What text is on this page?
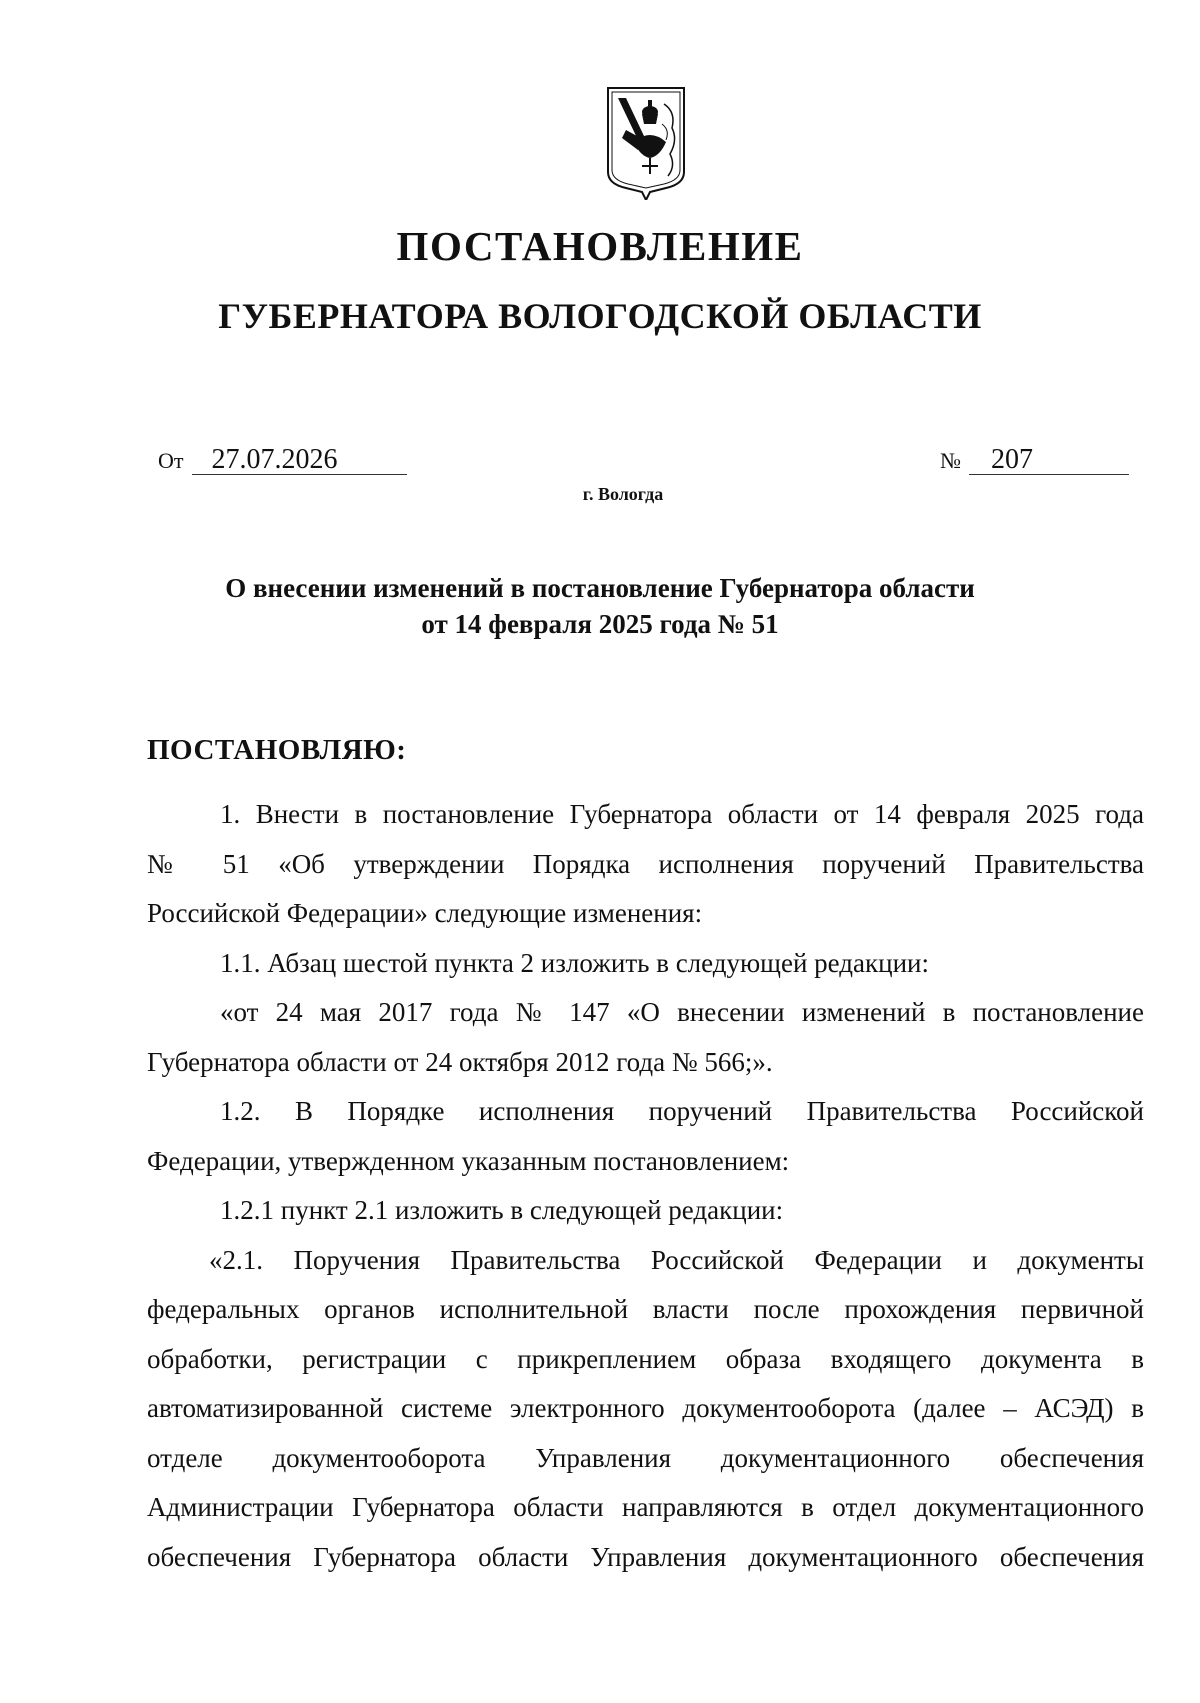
ПОСТАНОВЛЕНИЕ
ГУБЕРНАТОРА ВОЛОГОДСКОЙ ОБЛАСТИ
От 27.07.2026	№ 207
г. Вологда
О внесении изменений в постановление Губернатора области
от 14 февраля 2025 года № 51
ПОСТАНОВЛЯЮ:
1. Внести в постановление Губернатора области от 14 февраля 2025 года
№ 51 «Об утверждении Порядка исполнения поручений Правительства
Российской Федерации» следующие изменения:
1.1. Абзац шестой пункта 2 изложить в следующей редакции:
«от 24 мая 2017 года № 147 «О внесении изменений в постановление
Губернатора области от 24 октября 2012 года № 566;».
1.2. В Порядке исполнения поручений Правительства Российской
Федерации, утвержденном указанным постановлением:
1.2.1 пункт 2.1 изложить в следующей редакции:
«2.1. Поручения Правительства Российской Федерации и документы
федеральных органов исполнительной власти после прохождения первичной
обработки, регистрации с прикреплением образа входящего документа в
автоматизированной системе электронного документооборота (далее – АСЭД) в
отделе документооборота Управления документационного обеспечения
Администрации Губернатора области направляются в отдел документационного
обеспечения Губернатора области Управления документационного обеспечения
